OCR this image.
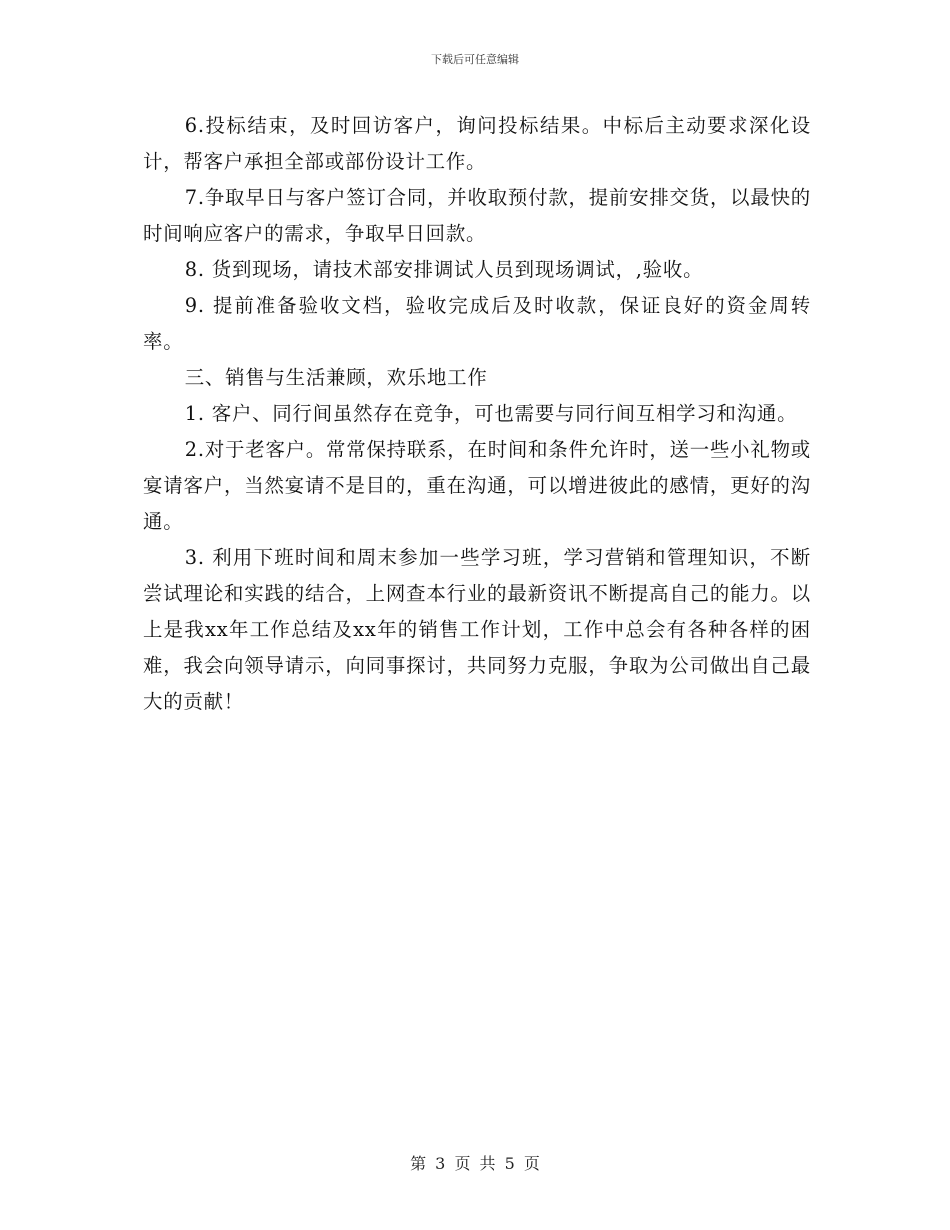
下载后可任意编辑

6.投标结束，及时回访客户，询问投标结果。中标后主动要求深化设计，帮客户承担全部或部份设计工作。

7.争取早日与客户签订合同，并收取预付款，提前安排交货，以最快的时间响应客户的需求，争取早日回款。

8. 货到现场，请技术部安排调试人员到现场调试，,验收。

9. 提前准备验收文档，验收完成后及时收款，保证良好的资金周转率。

三、销售与生活兼顾，欢乐地工作

1. 客户、同行间虽然存在竞争，可也需要与同行间互相学习和沟通。

2.对于老客户。常常保持联系，在时间和条件允许时，送一些小礼物或宴请客户，当然宴请不是目的，重在沟通，可以增进彼此的感情，更好的沟通。

3. 利用下班时间和周末参加一些学习班，学习营销和管理知识，不断尝试理论和实践的结合，上网查本行业的最新资讯不断提高自己的能力。以上是我xx年工作总结及xx年的销售工作计划，工作中总会有各种各样的困难，我会向领导请示，向同事探讨，共同努力克服，争取为公司做出自己最大的贡献！

第 3 页 共 5 页
